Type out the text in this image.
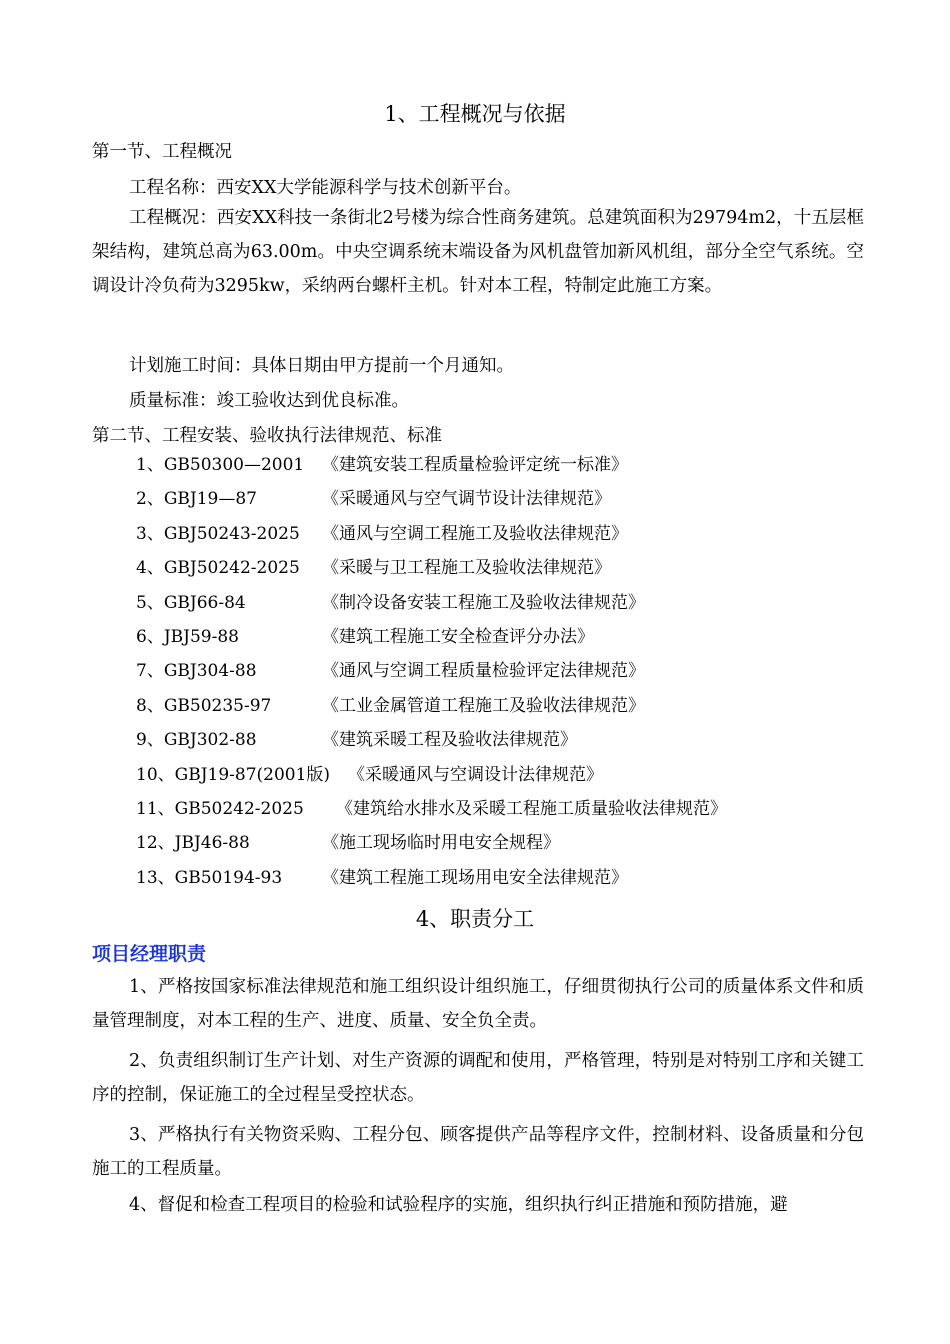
1、工程概况与依据
第一节、工程概况
工程名称：西安XX大学能源科学与技术创新平台。
工程概况：西安XX科技一条街北2号楼为综合性商务建筑。总建筑面积为29794m2，十五层框架结构，建筑总高为63.00m。中央空调系统末端设备为风机盘管加新风机组，部分全空气系统。空调设计冷负荷为3295kw，采纳两台螺杆主机。针对本工程，特制定此施工方案。
计划施工时间：具体日期由甲方提前一个月通知。
质量标准：竣工验收达到优良标准。
第二节、工程安装、验收执行法律规范、标准
1、GB50300—2001 《建筑安装工程质量检验评定统一标准》
2、GBJ19—87	《采暖通风与空气调节设计法律规范》
3、GBJ50243-2025 《通风与空调工程施工及验收法律规范》
4、GBJ50242-2025 《采暖与卫工程施工及验收法律规范》
5、GBJ66-84	《制冷设备安装工程施工及验收法律规范》
6、JBJ59-88	《建筑工程施工安全检查评分办法》
7、GBJ304-88	《通风与空调工程质量检验评定法律规范》
8、GB50235-97	《工业金属管道工程施工及验收法律规范》
9、GBJ302-88	《建筑采暖工程及验收法律规范》
10、GBJ19-87(2001版) 《采暖通风与空调设计法律规范》
11、GB50242-2025 《建筑给水排水及采暖工程施工质量验收法律规范》
12、JBJ46-88	《施工现场临时用电安全规程》
13、GB50194-93 《建筑工程施工现场用电安全法律规范》
4、职责分工
项目经理职责
1、严格按国家标准法律规范和施工组织设计组织施工，仔细贯彻执行公司的质量体系文件和质量管理制度，对本工程的生产、进度、质量、安全负全责。
2、负责组织制订生产计划、对生产资源的调配和使用，严格管理，特别是对特别工序和关键工序的控制，保证施工的全过程呈受控状态。
3、严格执行有关物资采购、工程分包、顾客提供产品等程序文件，控制材料、设备质量和分包施工的工程质量。
4、督促和检查工程项目的检验和试验程序的实施，组织执行纠正措施和预防措施，避
